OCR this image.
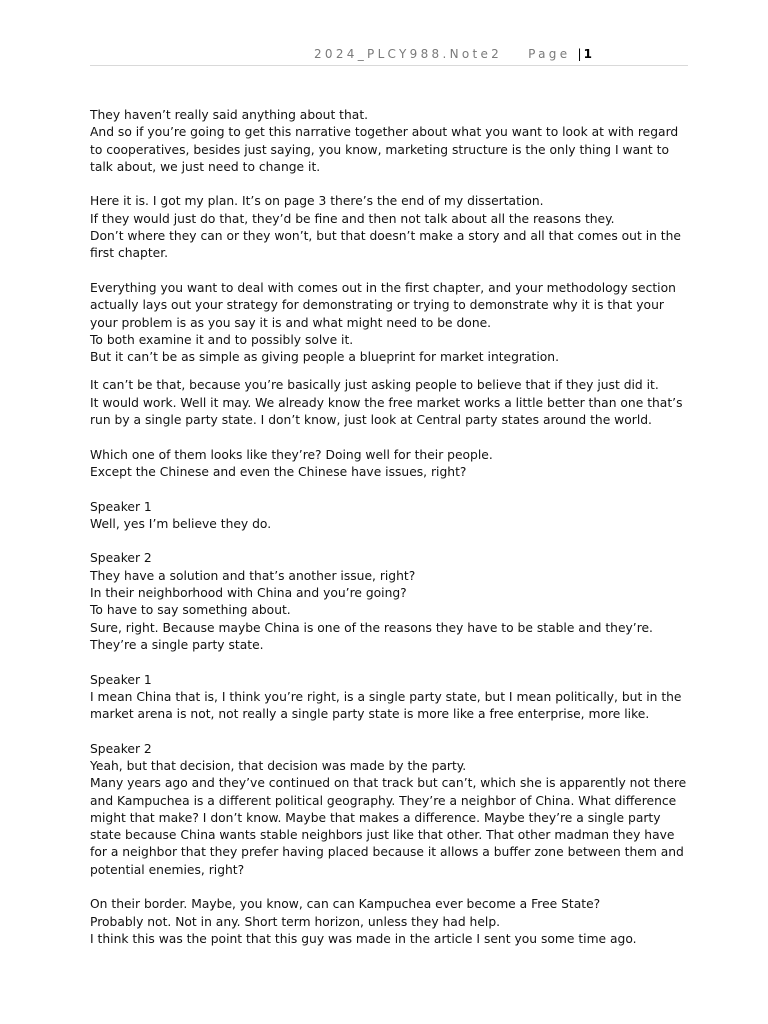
2024_PLCY988.Note2 Page | 1
They haven’t really said anything about that.
And so if you’re going to get this narrative together about what you want to look at with regard to cooperatives, besides just saying, you know, marketing structure is the only thing I want to talk about, we just need to change it.
Here it is. I got my plan. It’s on page 3 there’s the end of my dissertation.
If they would just do that, they’d be fine and then not talk about all the reasons they.
Don’t where they can or they won’t, but that doesn’t make a story and all that comes out in the first chapter.
Everything you want to deal with comes out in the first chapter, and your methodology section actually lays out your strategy for demonstrating or trying to demonstrate why it is that your your problem is as you say it is and what might need to be done.
To both examine it and to possibly solve it.
But it can’t be as simple as giving people a blueprint for market integration.
It can’t be that, because you’re basically just asking people to believe that if they just did it.
It would work. Well it may. We already know the free market works a little better than one that’s run by a single party state. I don’t know, just look at Central party states around the world.
Which one of them looks like they’re? Doing well for their people.
Except the Chinese and even the Chinese have issues, right?
Speaker 1
Well, yes I’m believe they do.
Speaker 2
They have a solution and that’s another issue, right?
In their neighborhood with China and you’re going?
To have to say something about.
Sure, right. Because maybe China is one of the reasons they have to be stable and they’re.
They’re a single party state.
Speaker 1
I mean China that is, I think you’re right, is a single party state, but I mean politically, but in the market arena is not, not really a single party state is more like a free enterprise, more like.
Speaker 2
Yeah, but that decision, that decision was made by the party.
Many years ago and they’ve continued on that track but can’t, which she is apparently not there and Kampuchea is a different political geography. They’re a neighbor of China. What difference might that make? I don’t know. Maybe that makes a difference. Maybe they’re a single party state because China wants stable neighbors just like that other. That other madman they have for a neighbor that they prefer having placed because it allows a buffer zone between them and potential enemies, right?
On their border. Maybe, you know, can can Kampuchea ever become a Free State?
Probably not. Not in any. Short term horizon, unless they had help.
I think this was the point that this guy was made in the article I sent you some time ago.
